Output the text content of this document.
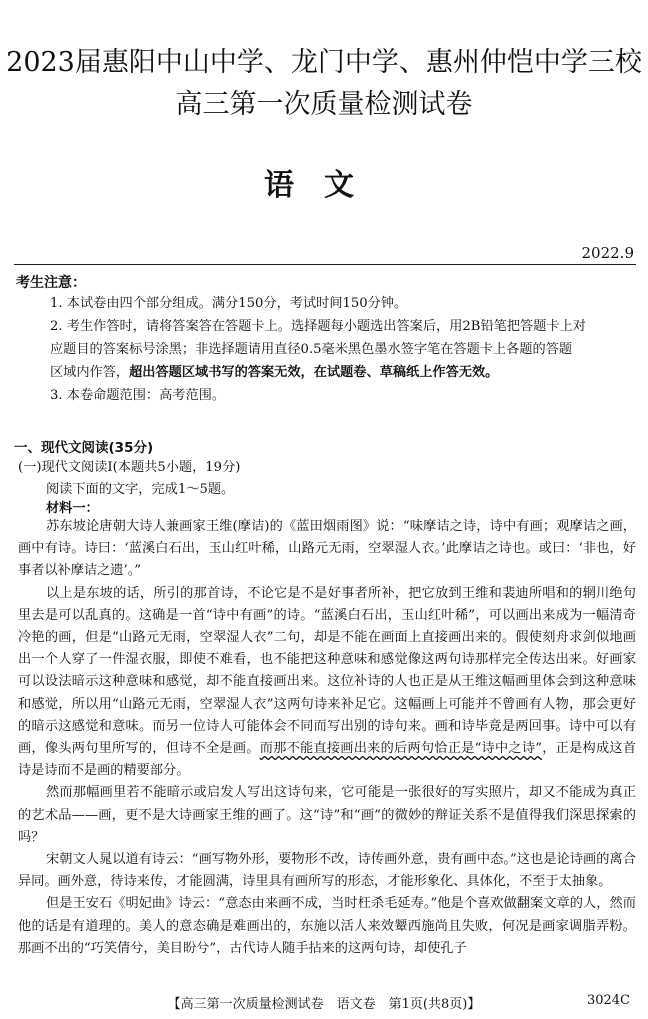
2023届惠阳中山中学、龙门中学、惠州仲恺中学三校
高三第一次质量检测试卷
语文
2022.9
考生注意：
1. 本试卷由四个部分组成。满分150分，考试时间150分钟。
2. 考生作答时，请将答案答在答题卡上。选择题每小题选出答案后，用2B铅笔把答题卡上对
应题目的答案标号涂黑；非选择题请用直径0.5毫米黑色墨水签字笔在答题卡上各题的答题
区域内作答，超出答题区域书写的答案无效，在试题卷、草稿纸上作答无效。
3. 本卷命题范围：高考范围。
一、现代文阅读(35分)
(一)现代文阅读Ⅰ(本题共5小题，19分)
阅读下面的文字，完成1～5题。
材料一：

苏东坡论唐朝大诗人兼画家王维(摩诘)的《蓝田烟雨图》说：“味摩诘之诗，诗中有画；观摩诘之画，画中有诗。诗曰：‘蓝溪白石出，玉山红叶稀，山路元无雨，空翠湿人衣。’此摩诘之诗也。或曰：‘非也，好事者以补摩诘之遗’。”

以上是东坡的话，所引的那首诗，不论它是不是好事者所补，把它放到王维和裴迪所唱和的辋川绝句里去是可以乱真的。这确是一首“诗中有画”的诗。“蓝溪白石出，玉山红叶稀”，可以画出来成为一幅清奇冷艳的画，但是“山路元无雨，空翠湿人衣”二句，却是不能在画面上直接画出来的。假使刻舟求剑似地画出一个人穿了一件湿衣服，即使不难看，也不能把这种意味和感觉像这两句诗那样完全传达出来。好画家可以设法暗示这种意味和感觉，却不能直接画出来。这位补诗的人也正是从王维这幅画里体会到这种意味和感觉，所以用“山路元无雨，空翠湿人衣”这两句诗来补足它。这幅画上可能并不曾画有人物，那会更好的暗示这感觉和意味。而另一位诗人可能体会不同而写出别的诗句来。画和诗毕竟是两回事。诗中可以有画，像头两句里所写的，但诗不全是画。而那不能直接画出来的后两句恰正是“诗中之诗”，正是构成这首诗是诗而不是画的精要部分。

然而那幅画里若不能暗示或启发人写出这诗句来，它可能是一张很好的写实照片，却又不能成为真正的艺术品——画，更不是大诗画家王维的画了。这“诗”和“画”的微妙的辩证关系不是值得我们深思探索的吗？

宋朝文人晁以道有诗云：“画写物外形，要物形不改，诗传画外意，贵有画中态。”这也是论诗画的离合异同。画外意，待诗来传，才能圆满，诗里具有画所写的形态，才能形象化、具体化，不至于太抽象。

但是王安石《明妃曲》诗云：“意态由来画不成，当时枉杀毛延寿。”他是个喜欢做翻案文章的人，然而他的话是有道理的。美人的意态确是难画出的，东施以活人来效颦西施尚且失败，何况是画家调脂弄粉。那画不出的“巧笑倩兮，美目盼兮”，古代诗人随手拈来的这两句诗，却使孔子

【高三第一次质量检测试卷　语文卷　第1页(共8页)】	3024C
